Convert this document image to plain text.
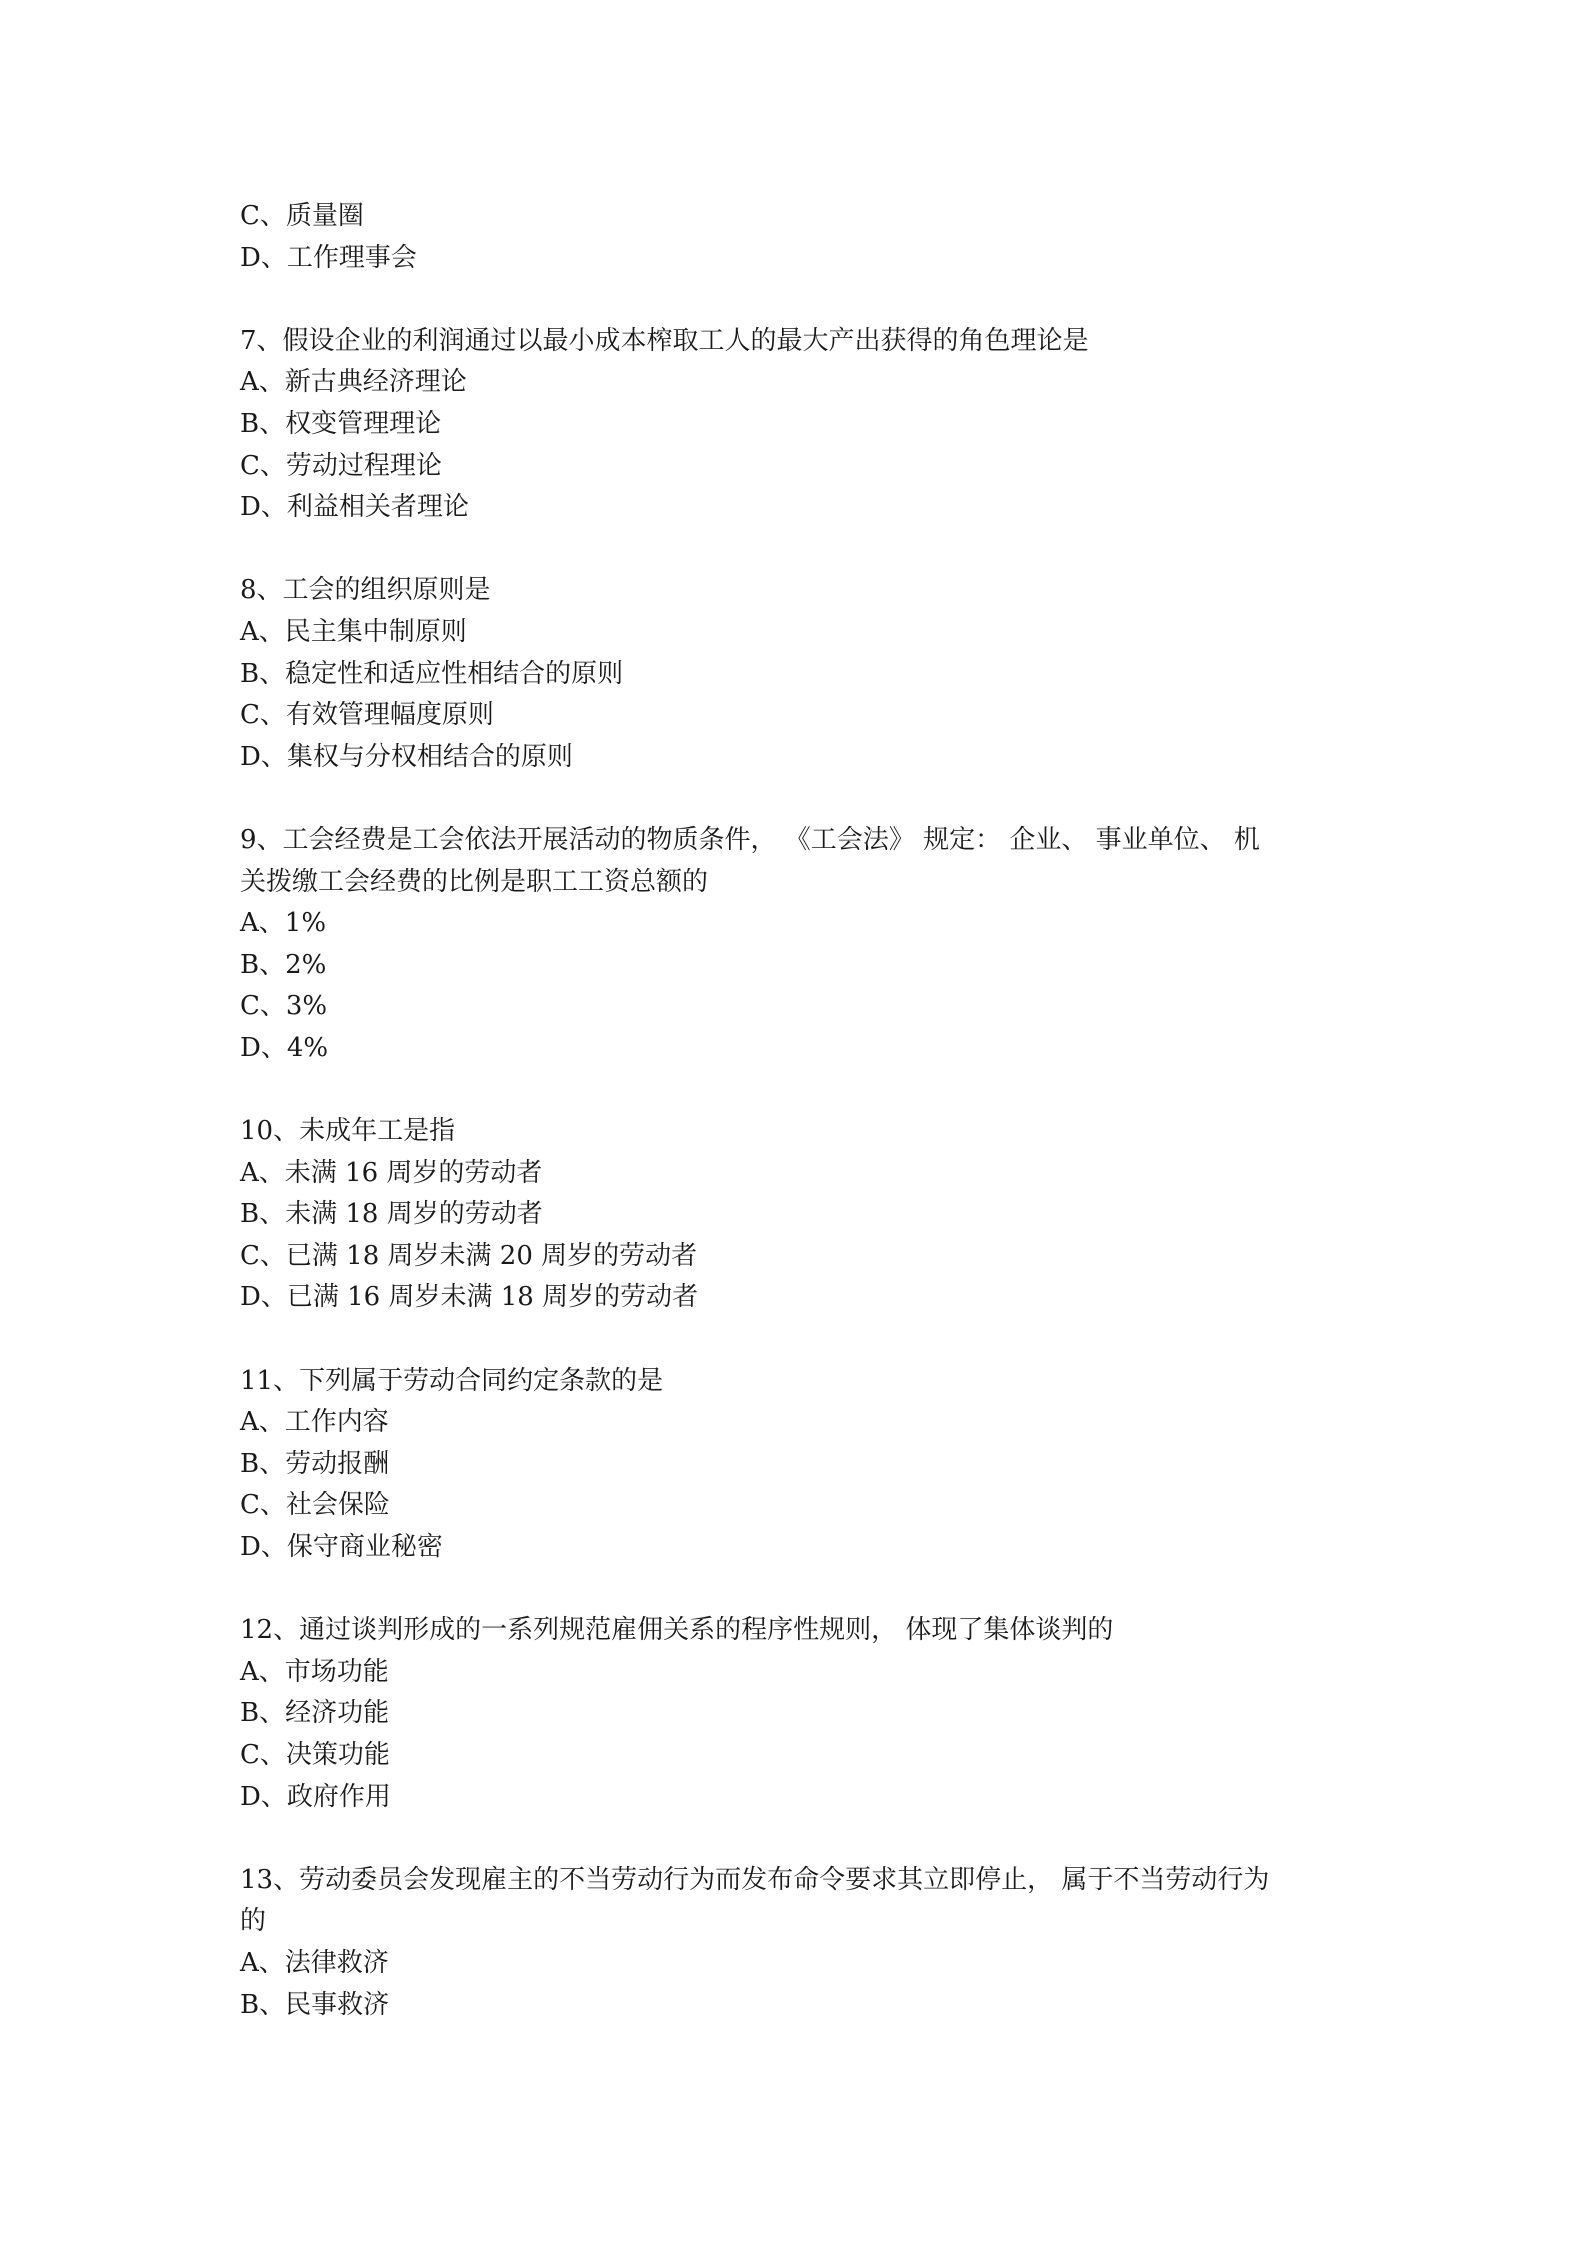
C、质量圈
D、工作理事会
7、假设企业的利润通过以最小成本榨取工人的最大产出获得的角色理论是
A、新古典经济理论
B、权变管理理论
C、劳动过程理论
D、利益相关者理论
8、工会的组织原则是
A、民主集中制原则
B、稳定性和适应性相结合的原则
C、有效管理幅度原则
D、集权与分权相结合的原则
9、工会经费是工会依法开展活动的物质条件， 《工会法》 规定： 企业、 事业单位、 机
关拨缴工会经费的比例是职工工资总额的
A、1%
B、2%
C、3%
D、4%
10、未成年工是指
A、未满 16 周岁的劳动者
B、未满 18 周岁的劳动者
C、已满 18 周岁未满 20 周岁的劳动者
D、已满 16 周岁未满 18 周岁的劳动者
11、下列属于劳动合同约定条款的是
A、工作内容
B、劳动报酬
C、社会保险
D、保守商业秘密
12、通过谈判形成的一系列规范雇佣关系的程序性规则， 体现了集体谈判的
A、市场功能
B、经济功能
C、决策功能
D、政府作用
13、劳动委员会发现雇主的不当劳动行为而发布命令要求其立即停止， 属于不当劳动行为
的
A、法律救济
B、民事救济
